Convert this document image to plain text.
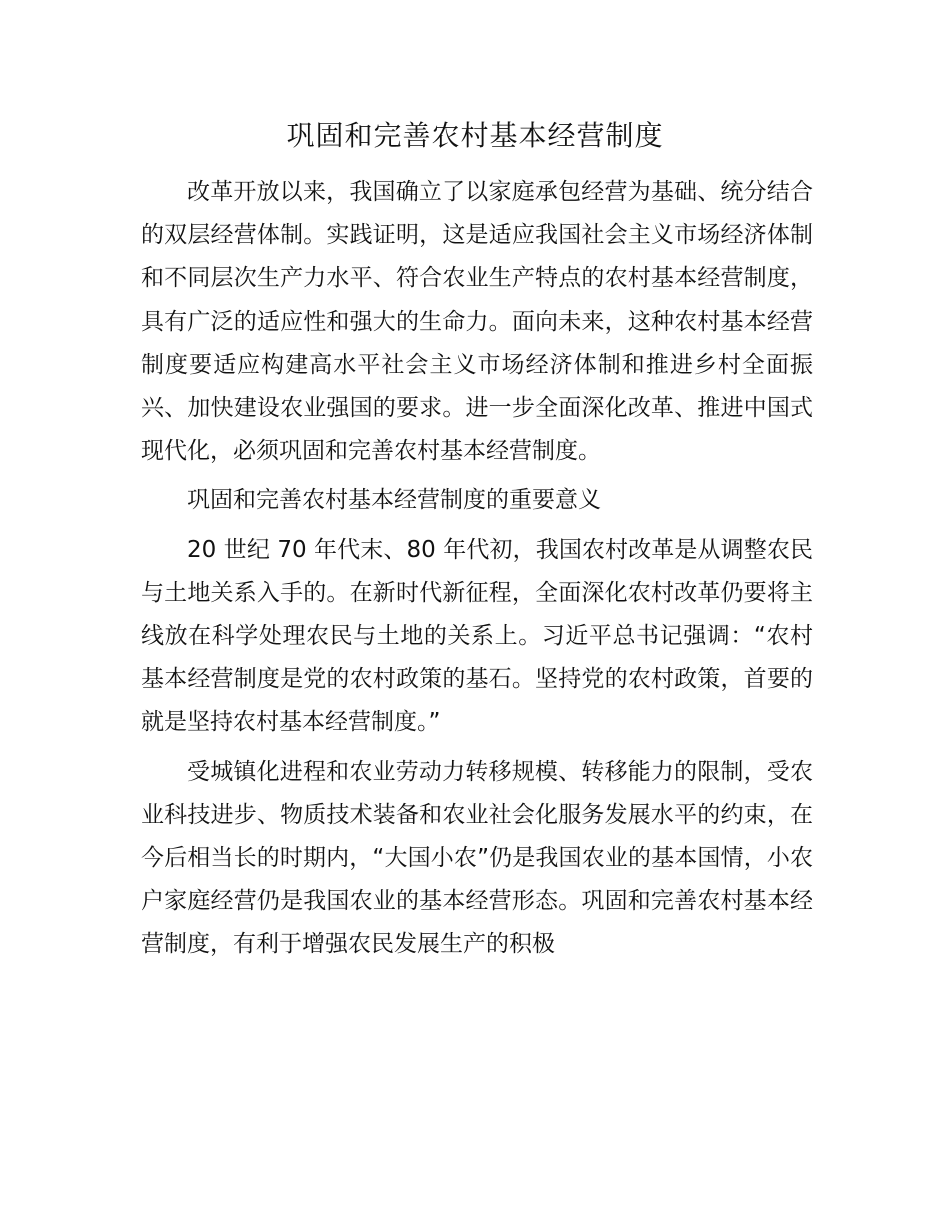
巩固和完善农村基本经营制度

改革开放以来，我国确立了以家庭承包经营为基础、统分结合的双层经营体制。实践证明，这是适应我国社会主义市场经济体制和不同层次生产力水平、符合农业生产特点的农村基本经营制度，具有广泛的适应性和强大的生命力。面向未来，这种农村基本经营制度要适应构建高水平社会主义市场经济体制和推进乡村全面振兴、加快建设农业强国的要求。进一步全面深化改革、推进中国式现代化，必须巩固和完善农村基本经营制度。

巩固和完善农村基本经营制度的重要意义

20 世纪 70 年代末、80 年代初，我国农村改革是从调整农民与土地关系入手的。在新时代新征程，全面深化农村改革仍要将主线放在科学处理农民与土地的关系上。习近平总书记强调：“农村基本经营制度是党的农村政策的基石。坚持党的农村政策，首要的就是坚持农村基本经营制度。”

受城镇化进程和农业劳动力转移规模、转移能力的限制，受农业科技进步、物质技术装备和农业社会化服务发展水平的约束，在今后相当长的时期内，“大国小农”仍是我国农业的基本国情，小农户家庭经营仍是我国农业的基本经营形态。巩固和完善农村基本经营制度，有利于增强农民发展生产的积极
